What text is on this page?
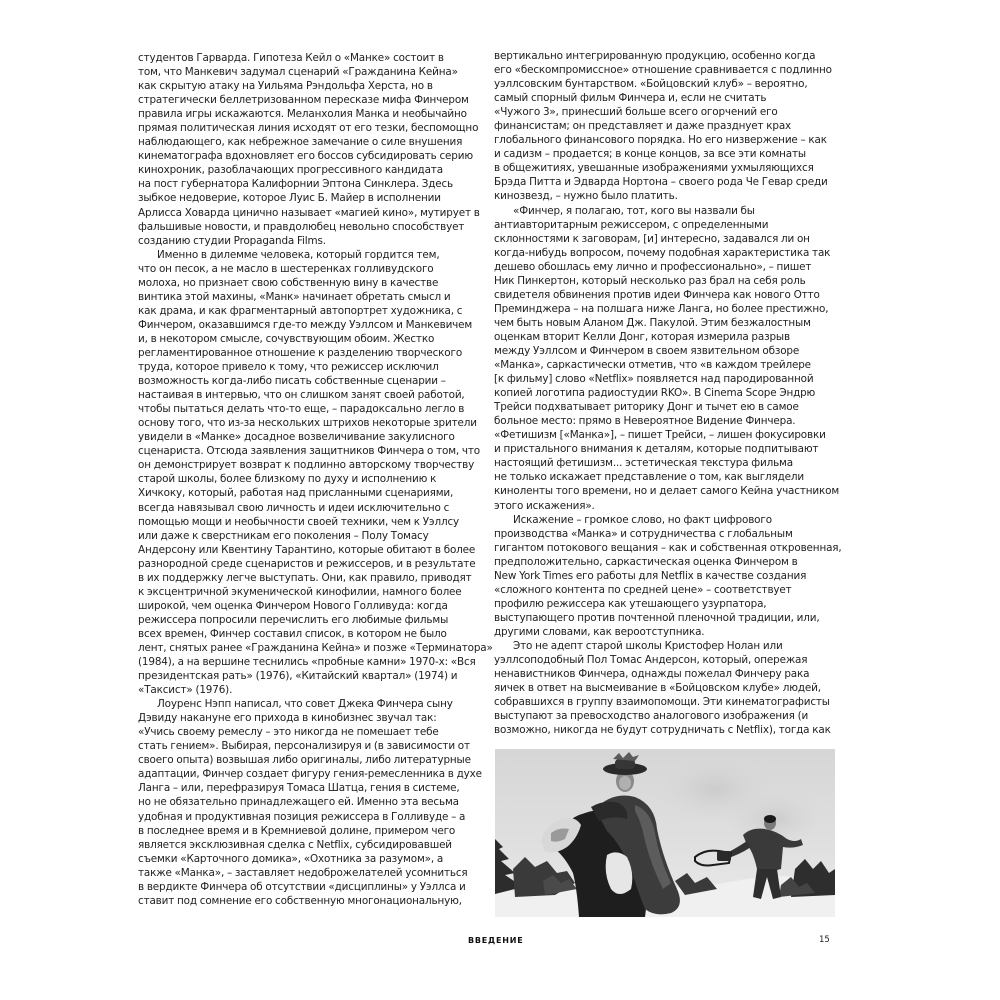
студентов Гарварда. Гипотеза Кейл о «Манке» состоит в
том, что Манкевич задумал сценарий «Гражданина Кейна»
как скрытую атаку на Уильяма Рэндольфа Херста, но в
стратегически беллетризованном пересказе мифа Финчером
правила игры искажаются. Меланхолия Манка и необычайно
прямая политическая линия исходят от его тезки, беспомощно
наблюдающего, как небрежное замечание о силе внушения
кинематографа вдохновляет его боссов субсидировать серию
кинохроник, разоблачающих прогрессивного кандидата
на пост губернатора Калифорнии Эптона Синклера. Здесь
зыбкое недоверие, которое Луис Б. Майер в исполнении
Арлисса Ховарда цинично называет «магией кино», мутирует в
фальшивые новости, и правдолюбец невольно способствует
созданию студии Propaganda Films.
Именно в дилемме человека, который гордится тем,
что он песок, а не масло в шестеренках голливудского
молоха, но признает свою собственную вину в качестве
винтика этой махины, «Манк» начинает обретать смысл и
как драма, и как фрагментарный автопортрет художника, с
Финчером, оказавшимся где-то между Уэллсом и Манкевичем
и, в некотором смысле, сочувствующим обоим. Жестко
регламентированное отношение к разделению творческого
труда, которое привело к тому, что режиссер исключил
возможность когда-либо писать собственные сценарии –
настаивая в интервью, что он слишком занят своей работой,
чтобы пытаться делать что-то еще, – парадоксально легло в
основу того, что из-за нескольких штрихов некоторые зрители
увидели в «Манке» досадное возвеличивание закулисного
сценариста. Отсюда заявления защитников Финчера о том, что
он демонстрирует возврат к подлинно авторскому творчеству
старой школы, более близкому по духу и исполнению к
Хичкоку, который, работая над присланными сценариями,
всегда навязывал свою личность и идеи исключительно с
помощью мощи и необычности своей техники, чем к Уэллсу
или даже к сверстникам его поколения – Полу Томасу
Андерсону или Квентину Тарантино, которые обитают в более
разнородной среде сценаристов и режиссеров, и в результате
в их поддержку легче выступать. Они, как правило, приводят
к эксцентричной экуменической кинофилии, намного более
широкой, чем оценка Финчером Нового Голливуда: когда
режиссера попросили перечислить его любимые фильмы
всех времен, Финчер составил список, в котором не было
лент, снятых ранее «Гражданина Кейна» и позже «Терминатора»
(1984), а на вершине теснились «пробные камни» 1970-х: «Вся
президентская рать» (1976), «Китайский квартал» (1974) и
«Таксист» (1976).
Лоуренс Нэпп написал, что совет Джека Финчера сыну
Дэвиду накануне его прихода в кинобизнес звучал так:
«Учись своему ремеслу – это никогда не помешает тебе
стать гением». Выбирая, персонализируя и (в зависимости от
своего опыта) возвышая либо оригиналы, либо литературные
адаптации, Финчер создает фигуру гения-ремесленника в духе
Ланга – или, перефразируя Томаса Шатца, гения в системе,
но не обязательно принадлежащего ей. Именно эта весьма
удобная и продуктивная позиция режиссера в Голливуде – а
в последнее время и в Кремниевой долине, примером чего
является эксклюзивная сделка с Netflix, субсидировавшей
съемки «Карточного домика», «Охотника за разумом», а
также «Манка», – заставляет недоброжелателей усомниться
в вердикте Финчера об отсутствии «дисциплины» у Уэллса и
ставит под сомнение его собственную многонациональную,
вертикально интегрированную продукцию, особенно когда
его «бескомпромиссное» отношение сравнивается с подлинно
уэллсовским бунтарством. «Бойцовский клуб» – вероятно,
самый спорный фильм Финчера и, если не считать
«Чужого 3», принесший больше всего огорчений его
финансистам; он представляет и даже празднует крах
глобального финансового порядка. Но его низвержение – как
и садизм – продается; в конце концов, за все эти комнаты
в общежитиях, увешанные изображениями ухмыляющихся
Брэда Питта и Эдварда Нортона – своего рода Че Гевар среди
кинозвезд, – нужно было платить.
«Финчер, я полагаю, тот, кого вы назвали бы
антиавторитарным режиссером, с определенными
склонностями к заговорам, [и] интересно, задавался ли он
когда-нибудь вопросом, почему подобная характеристика так
дешево обошлась ему лично и профессионально», – пишет
Ник Пинкертон, который несколько раз брал на себя роль
свидетеля обвинения против идеи Финчера как нового Отто
Преминджера – на полшага ниже Ланга, но более престижно,
чем быть новым Аланом Дж. Пакулой. Этим безжалостным
оценкам вторит Келли Донг, которая измерила разрыв
между Уэллсом и Финчером в своем язвительном обзоре
«Манка», саркастически отметив, что «в каждом трейлере
[к фильму] слово «Netflix» появляется над пародированной
копией логотипа радиостудии RKO». В Cinema Scope Эндрю
Трейси подхватывает риторику Донг и тычет ею в самое
больное место: прямо в Невероятное Видение Финчера.
«Фетишизм [«Манка»], – пишет Трейси, – лишен фокусировки
и пристального внимания к деталям, которые подпитывают
настоящий фетишизм... эстетическая текстура фильма
не только искажает представление о том, как выглядели
киноленты того времени, но и делает самого Кейна участником
этого искажения».
Искажение – громкое слово, но факт цифрового
производства «Манка» и сотрудничества с глобальным
гигантом потокового вещания – как и собственная откровенная,
предположительно, саркастическая оценка Финчером в
New York Times его работы для Netflix в качестве создания
«сложного контента по средней цене» – соответствует
профилю режиссера как утешающего узурпатора,
выступающего против почтенной пленочной традиции, или,
другими словами, как вероотступника.
Это не адепт старой школы Кристофер Нолан или
уэллсоподобный Пол Томас Андерсон, который, опережая
ненавистников Финчера, однажды пожелал Финчеру рака
яичек в ответ на высмеивание в «Бойцовском клубе» людей,
собравшихся в группу взаимопомощи. Эти кинематографисты
выступают за превосходство аналогового изображения (и
возможно, никогда не будут сотрудничать с Netflix), тогда как
ВВЕДЕНИЕ	15
